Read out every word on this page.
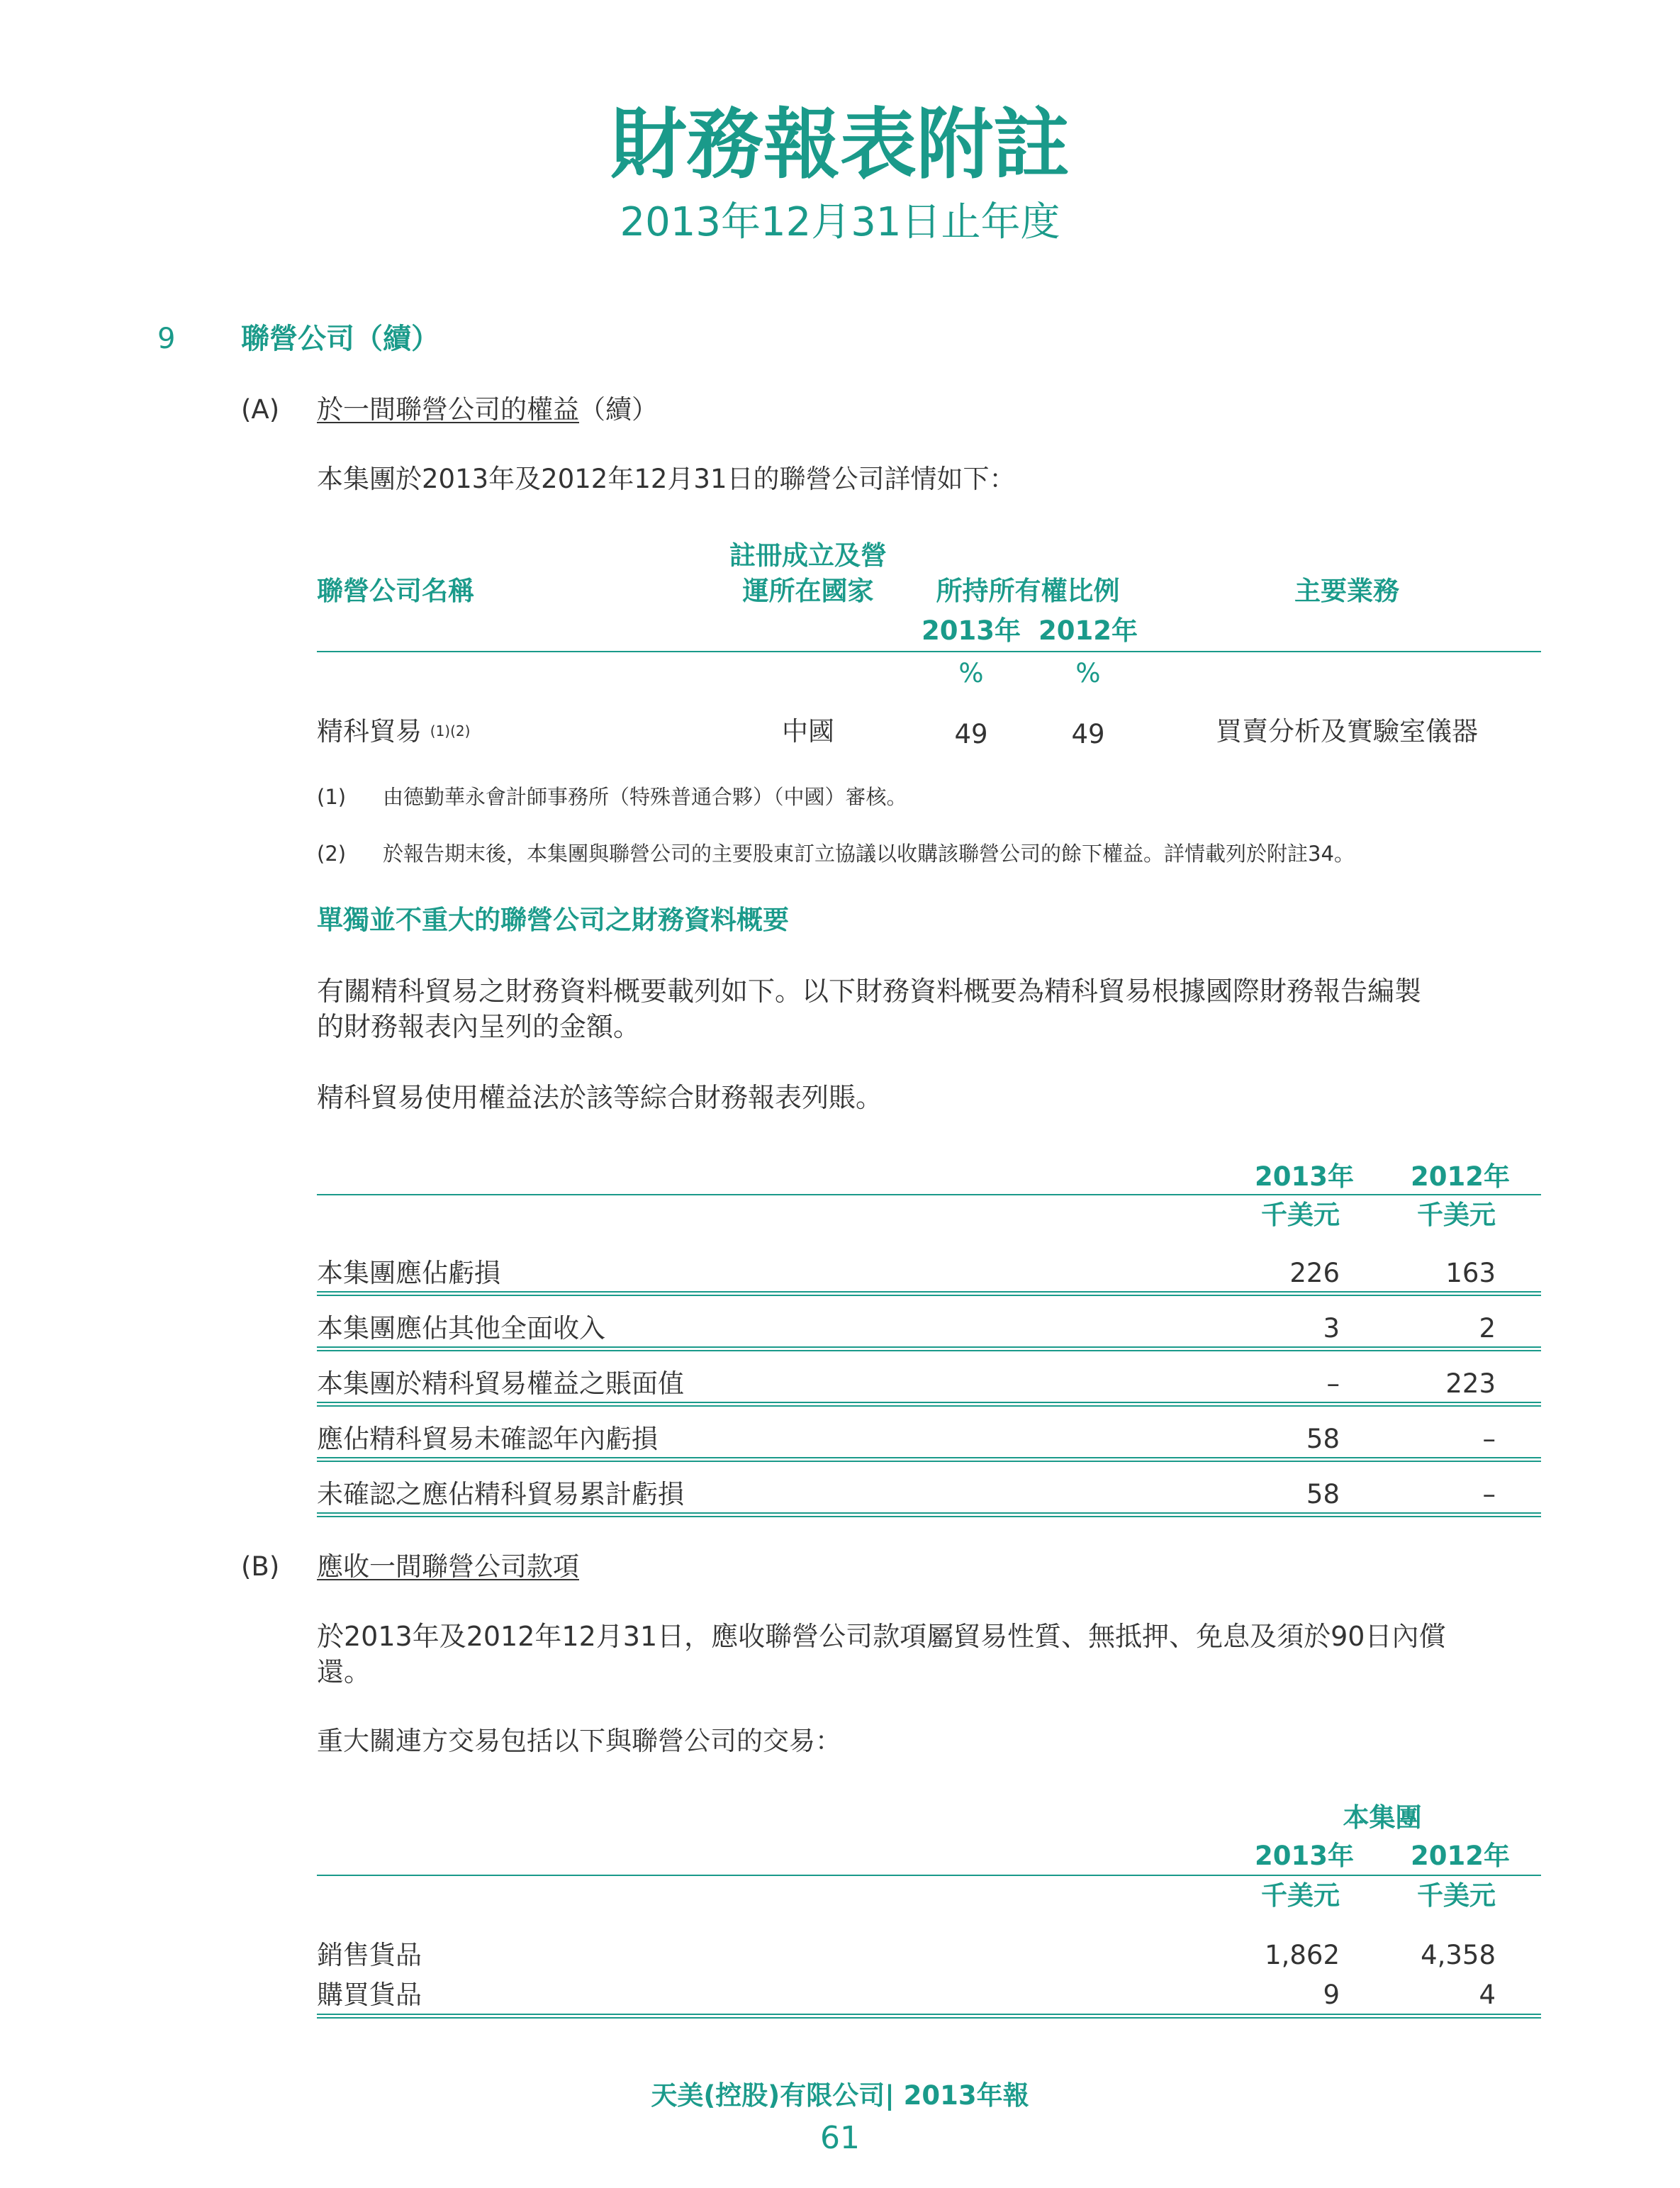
財務報表附註
2013年12月31日止年度
9 聯營公司（續）
(A) 於一間聯營公司的權益（續）
本集團於2013年及2012年12月31日的聯營公司詳情如下：
聯營公司名稱
註冊成立及營
運所在國家	所持所有權比例	主要業務
2013年 2012年
%	%
精科貿易 (1)(2)	中國	49	49	買賣分析及實驗室儀器
(1) 由德勤華永會計師事務所（特殊普通合夥）（中國）審核。
(2) 於報告期末後，本集團與聯營公司的主要股東訂立協議以收購該聯營公司的餘下權益。詳情載列於附註34。
單獨並不重大的聯營公司之財務資料概要
有關精科貿易之財務資料概要載列如下。以下財務資料概要為精科貿易根據國際財務報告編製
的財務報表內呈列的金額。
精科貿易使用權益法於該等綜合財務報表列賬。
2013年	2012年
千美元	千美元
本集團應佔虧損	226	163
本集團應佔其他全面收入	3	2
本集團於精科貿易權益之賬面值	–	223
應佔精科貿易未確認年內虧損	58	–
未確認之應佔精科貿易累計虧損	58	–
(B) 應收一間聯營公司款項
於2013年及2012年12月31日，應收聯營公司款項屬貿易性質、無抵押、免息及須於90日內償
還。
重大關連方交易包括以下與聯營公司的交易：
本集團
2013年	2012年
千美元	千美元
銷售貨品	1,862	4,358
購買貨品	9	4
天美(控股)有限公司| 2013年報
61
